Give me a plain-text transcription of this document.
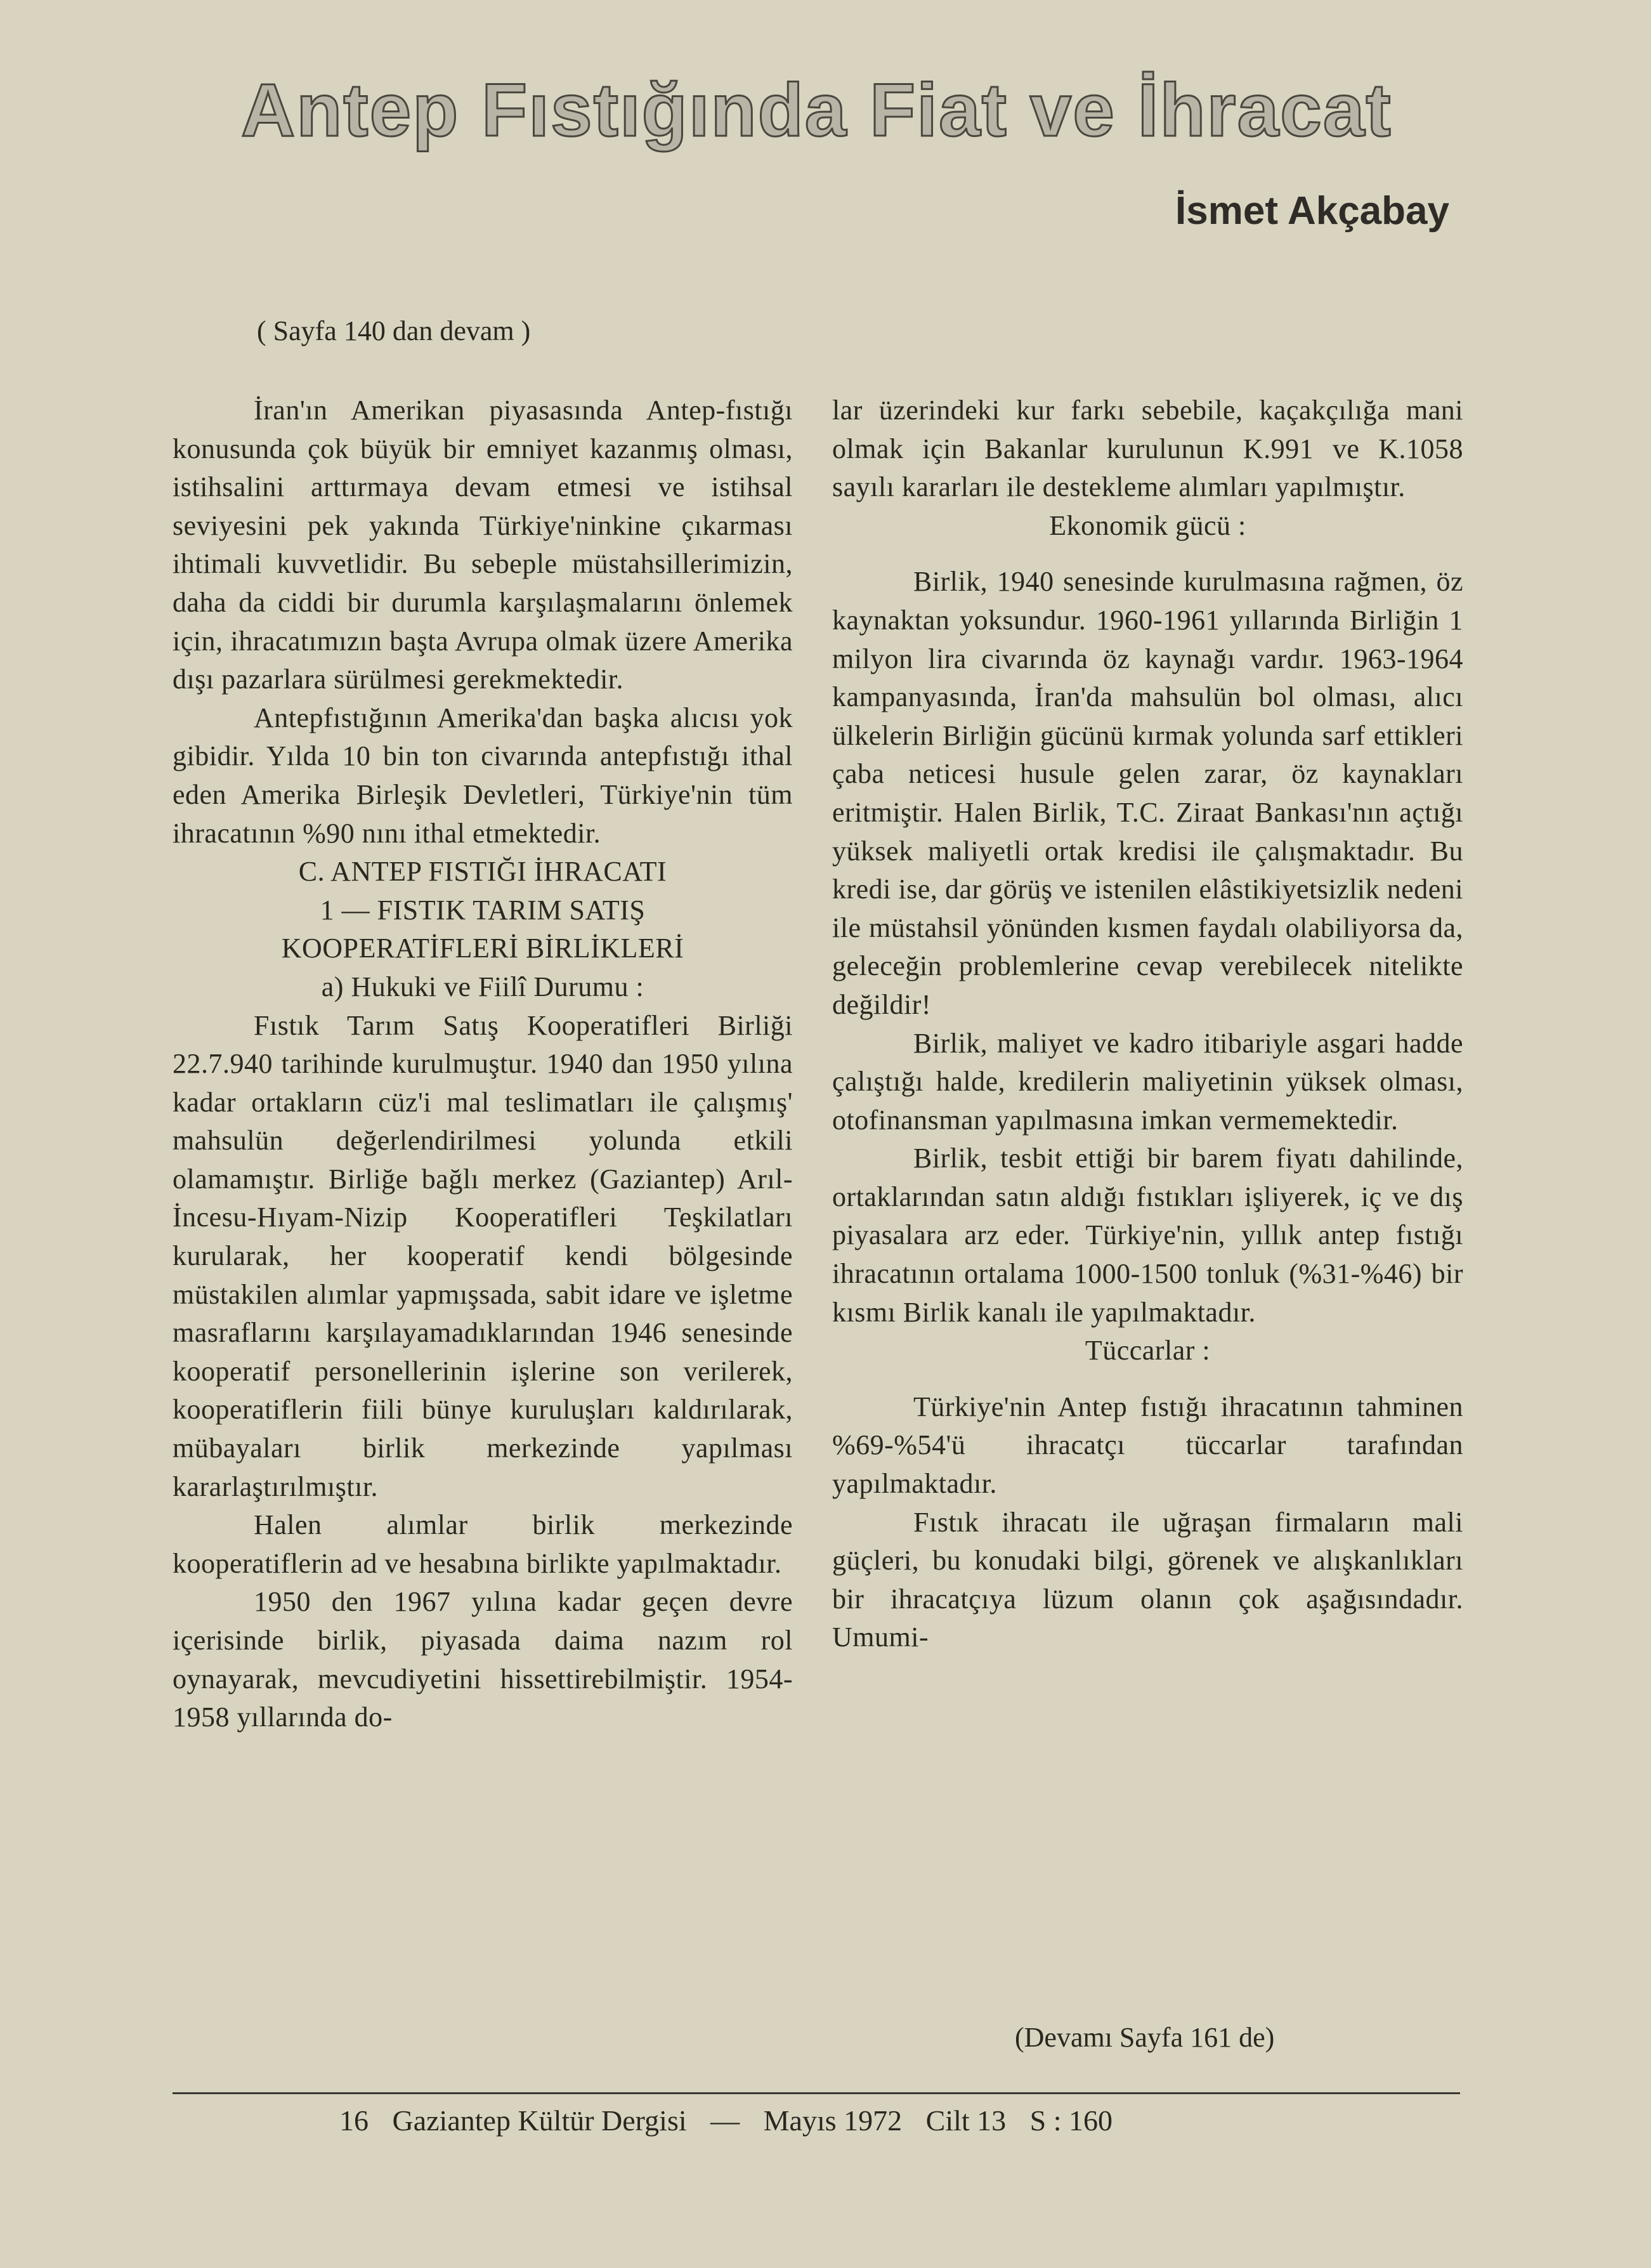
Antep Fıstığında Fiat ve İhracat
İsmet Akçabay
( Sayfa 140 dan devam )

İran'ın Amerikan piyasasında Antep-fıstığı konusunda çok büyük bir emniyet kazanmış olması, istihsalini arttırmaya devam etmesi ve istihsal seviyesini pek yakında Türkiye'ninkine çıkarması ihtimali kuvvetlidir. Bu sebeple müstahsillerimizin, daha da ciddi bir durumla karşılaşmalarını önlemek için, ihracatımızın başta Avrupa olmak üzere Amerika dışı pazarlara sürülmesi gerekmektedir.

Antepfıstığının Amerika'dan başka alıcısı yok gibidir. Yılda 10 bin ton civarında antepfıstığı ithal eden Amerika Birleşik Devletleri, Türkiye'nin tüm ihracatının %90 nını ithal etmektedir.

C. ANTEP FISTIĞI İHRACATI

1 — FISTIK TARIM SATIŞ

KOOPERATİFLERİ BİRLİKLERİ

a) Hukuki ve Fiilî Durumu :

Fıstık Tarım Satış Kooperatifleri Birliği 22.7.940 tarihinde kurulmuştur. 1940 dan 1950 yılına kadar ortakların cüz'i mal teslimatları ile çalışmış' mahsulün değerlendirilmesi yolunda etkili olamamıştır. Birliğe bağlı merkez (Gaziantep) Arıl-İncesu-Hıyam-Nizip Kooperatifleri Teşkilatları kurularak, her kooperatif kendi bölgesinde müstakilen alımlar yapmışsada, sabit idare ve işletme masraflarını karşılayamadıklarından 1946 senesinde kooperatif personellerinin işlerine son verilerek, kooperatiflerin fiili bünye kuruluşları kaldırılarak, mübayaları birlik merkezinde yapılması kararlaştırılmıştır.

Halen alımlar birlik merkezinde kooperatiflerin ad ve hesabına birlikte yapılmaktadır.

1950 den 1967 yılına kadar geçen devre içerisinde birlik, piyasada daima nazım rol oynayarak, mevcudiyetini hissettirebilmiştir. 1954-1958 yıllarında do-

lar üzerindeki kur farkı sebebile, kaçakçılığa mani olmak için Bakanlar kurulunun K.991 ve K.1058 sayılı kararları ile destekleme alımları yapılmıştır.

Ekonomik gücü :

Birlik, 1940 senesinde kurulmasına rağmen, öz kaynaktan yoksundur. 1960-1961 yıllarında Birliğin 1 milyon lira civarında öz kaynağı vardır. 1963-1964 kampanyasında, İran'da mahsulün bol olması, alıcı ülkelerin Birliğin gücünü kırmak yolunda sarf ettikleri çaba neticesi husule gelen zarar, öz kaynakları eritmiştir. Halen Birlik, T.C. Ziraat Bankası'nın açtığı yüksek maliyetli ortak kredisi ile çalışmaktadır. Bu kredi ise, dar görüş ve istenilen elâstikiyetsizlik nedeni ile müstahsil yönünden kısmen faydalı olabiliyorsa da, geleceğin problemlerine cevap verebilecek nitelikte değildir!

Birlik, maliyet ve kadro itibariyle asgari hadde çalıştığı halde, kredilerin maliyetinin yüksek olması, otofinansman yapılmasına imkan vermemektedir.

Birlik, tesbit ettiği bir barem fiyatı dahilinde, ortaklarından satın aldığı fıstıkları işliyerek, iç ve dış piyasalara arz eder. Türkiye'nin, yıllık antep fıstığı ihracatının ortalama 1000-1500 tonluk (%31-%46) bir kısmı Birlik kanalı ile yapılmaktadır.

Tüccarlar :

Türkiye'nin Antep fıstığı ihracatının tahminen %69-%54'ü ihracatçı tüccarlar tarafından yapılmaktadır.

Fıstık ihracatı ile uğraşan firmaların mali güçleri, bu konudaki bilgi, görenek ve alışkanlıkları bir ihracatçıya lüzum olanın çok aşağısındadır. Umumi-

(Devamı Sayfa 161 de)
16 Gaziantep Kültür Dergisi — Mayıs 1972 Cilt 13 S : 160
